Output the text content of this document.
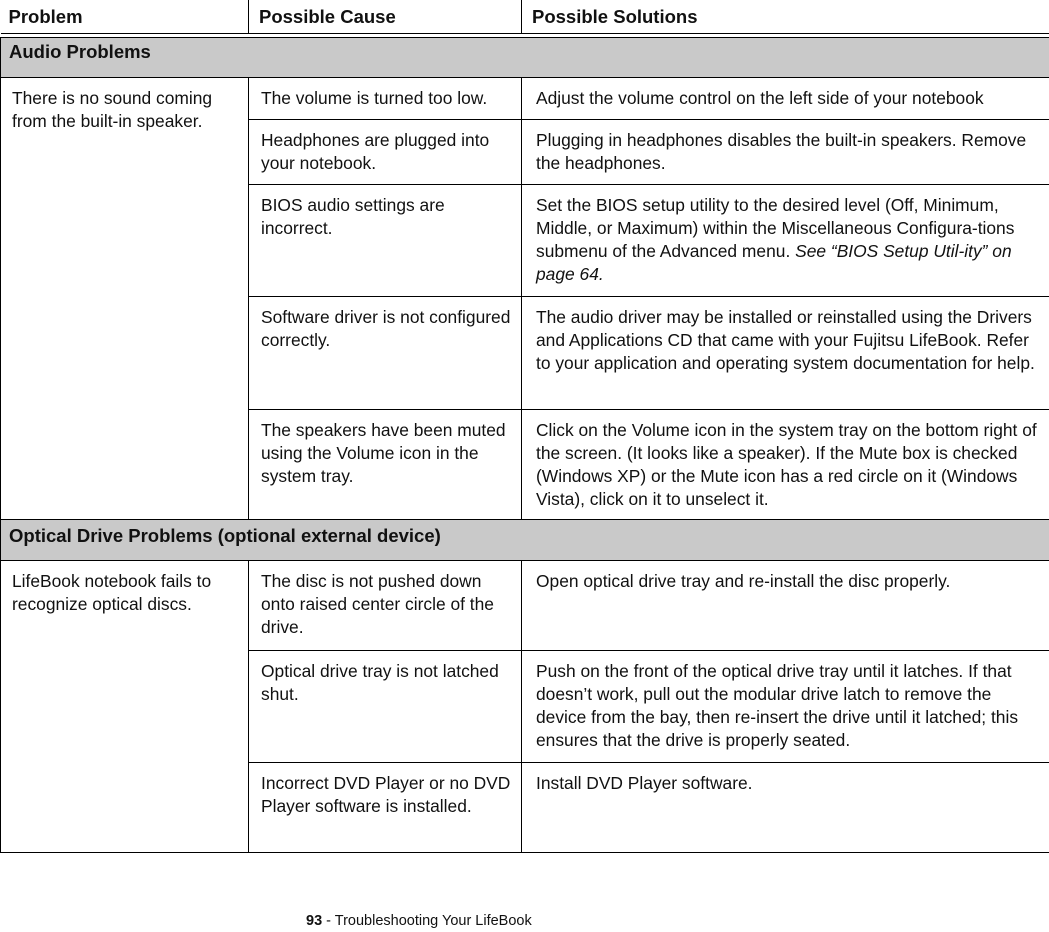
Problem	Possible Cause	Possible Solutions

Audio Problems		
There is no sound coming from the built-in speaker.	The volume is turned too low.	Adjust the volume control on the left side of your notebook
	Headphones are plugged into your notebook.	Plugging in headphones disables the built-in speakers. Remove the headphones.
	BIOS audio settings are incorrect.	Set the BIOS setup utility to the desired level (Off, Minimum, Middle, or Maximum) within the Miscellaneous Configura-tions submenu of the Advanced menu. See “BIOS Setup Util-ity” on page 64.
	Software driver is not configured correctly.	The audio driver may be installed or reinstalled using the Drivers and Applications CD that came with your Fujitsu LifeBook. Refer to your application and operating system documentation for help.
	The speakers have been muted using the Volume icon in the system tray.	Click on the Volume icon in the system tray on the bottom right of the screen. (It looks like a speaker). If the Mute box is checked (Windows XP) or the Mute icon has a red circle on it (Windows Vista), click on it to unselect it.
Optical Drive Problems (optional external device)		
LifeBook notebook fails to recognize optical discs.	The disc is not pushed down onto raised center circle of the drive.	Open optical drive tray and re-install the disc properly.
	Optical drive tray is not latched shut.	Push on the front of the optical drive tray until it latches. If that doesn’t work, pull out the modular drive latch to remove the device from the bay, then re-insert the drive until it latched; this ensures that the drive is properly seated.
	Incorrect DVD Player or no DVD Player software is installed.	Install DVD Player software.
93 - Troubleshooting Your LifeBook
